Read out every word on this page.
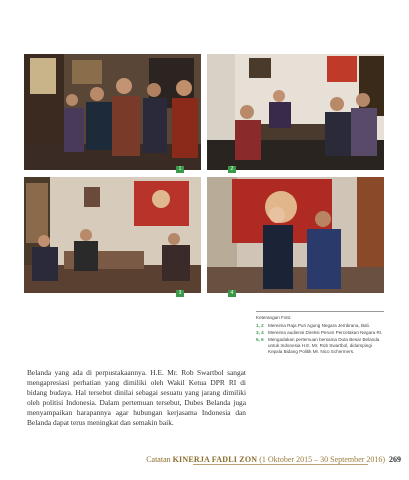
1	2
3	4
Keterangan Foto:
1, 2 Mereima Raja Puri Agung Negara Jembrana, Bali.
3, 4 Mereima audiensi Direksi Perum Percetakan Negara RI.
5, 6 Mengadakan pertemuan bersama Duta Besar Belanda untuk Indonesia H.E. Mr. Rob Swartbol, didampingi Kepala Bidang Politik Mr. Nico Schermers.
Belanda yang ada di perpustakaannya. H.E. Mr. Rob Swartbol sangat mengapresiasi perhatian yang dimiliki oleh Wakil Ketua DPR RI di bidang budaya. Hal tersebut dinilai sebagai sesuatu yang jarang dimiliki oleh politisi Indonesia. Dalam pertemuan tersebut, Dubes Belanda juga menyampaikan harapannya agar hubungan kerjasama Indonesia dan Belanda dapat terus meningkat dan semakin baik.
Catatan KINERJA FADLI ZON (1 Oktober 2015 – 30 September 2016) 269
